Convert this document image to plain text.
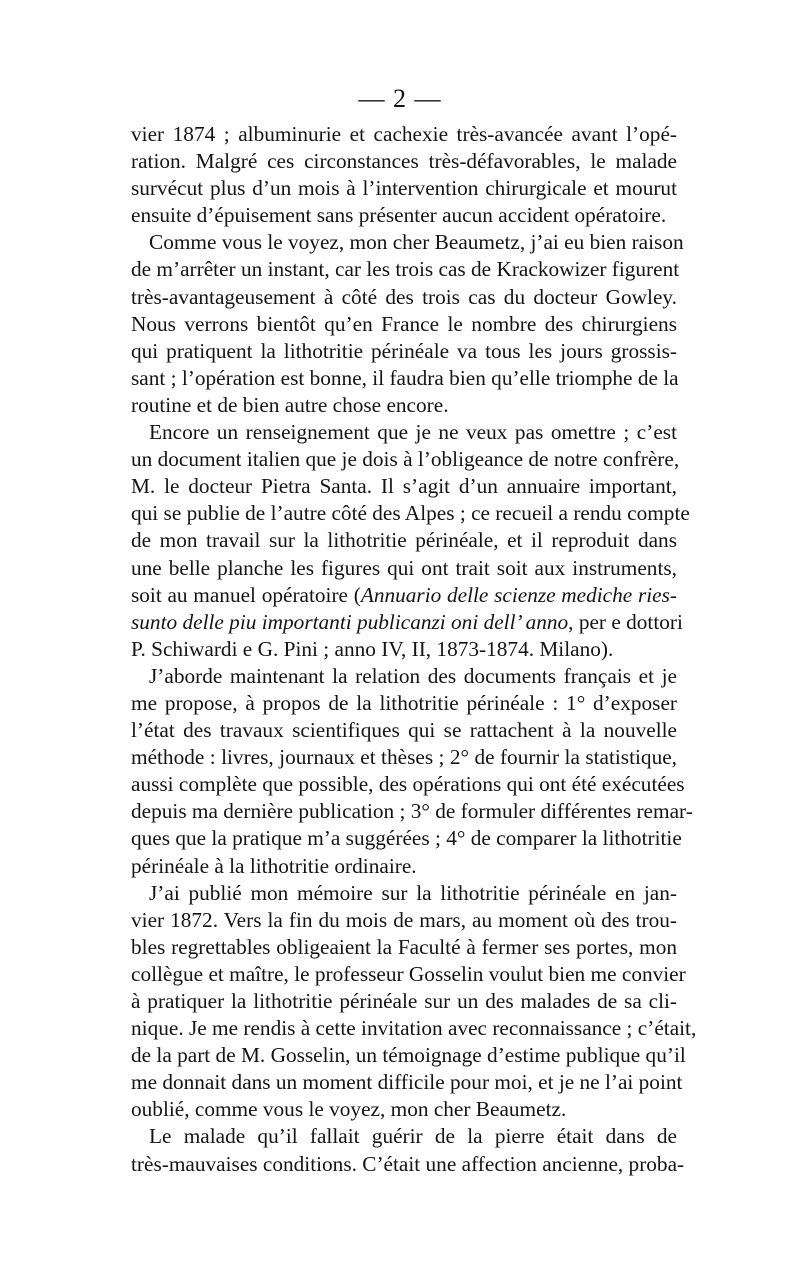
— 2 —
vier 1874 ; albuminurie et cachexie très-avancée avant l’opé-
ration. Malgré ces circonstances très-défavorables, le malade
survécut plus d’un mois à l’intervention chirurgicale et mourut
ensuite d’épuisement sans présenter aucun accident opératoire.
Comme vous le voyez, mon cher Beaumetz, j’ai eu bien raison
de m’arrêter un instant, car les trois cas de Krackowizer figurent
très-avantageusement à côté des trois cas du docteur Gowley.
Nous verrons bientôt qu’en France le nombre des chirurgiens
qui pratiquent la lithotritie périnéale va tous les jours grossis-
sant ; l’opération est bonne, il faudra bien qu’elle triomphe de la
routine et de bien autre chose encore.
Encore un renseignement que je ne veux pas omettre ; c’est
un document italien que je dois à l’obligeance de notre confrère,
M. le docteur Pietra Santa. Il s’agit d’un annuaire important,
qui se publie de l’autre côté des Alpes ; ce recueil a rendu compte
de mon travail sur la lithotritie périnéale, et il reproduit dans
une belle planche les figures qui ont trait soit aux instruments,
soit au manuel opératoire (Annuario delle scienze mediche ries-
sunto delle piu importanti publicanzi oni dell’ anno, per e dottori
P. Schiwardi e G. Pini ; anno IV, II, 1873-1874. Milano).
J’aborde maintenant la relation des documents français et je
me propose, à propos de la lithotritie périnéale : 1° d’exposer
l’état des travaux scientifiques qui se rattachent à la nouvelle
méthode : livres, journaux et thèses ; 2° de fournir la statistique,
aussi complète que possible, des opérations qui ont été exécutées
depuis ma dernière publication ; 3° de formuler différentes remar-
ques que la pratique m’a suggérées ; 4° de comparer la lithotritie
périnéale à la lithotritie ordinaire.
J’ai publié mon mémoire sur la lithotritie périnéale en jan-
vier 1872. Vers la fin du mois de mars, au moment où des trou-
bles regrettables obligeaient la Faculté à fermer ses portes, mon
collègue et maître, le professeur Gosselin voulut bien me convier
à pratiquer la lithotritie périnéale sur un des malades de sa cli-
nique. Je me rendis à cette invitation avec reconnaissance ; c’était,
de la part de M. Gosselin, un témoignage d’estime publique qu’il
me donnait dans un moment difficile pour moi, et je ne l’ai point
oublié, comme vous le voyez, mon cher Beaumetz.
Le malade qu’il fallait guérir de la pierre était dans de
très-mauvaises conditions. C’était une affection ancienne, proba-
